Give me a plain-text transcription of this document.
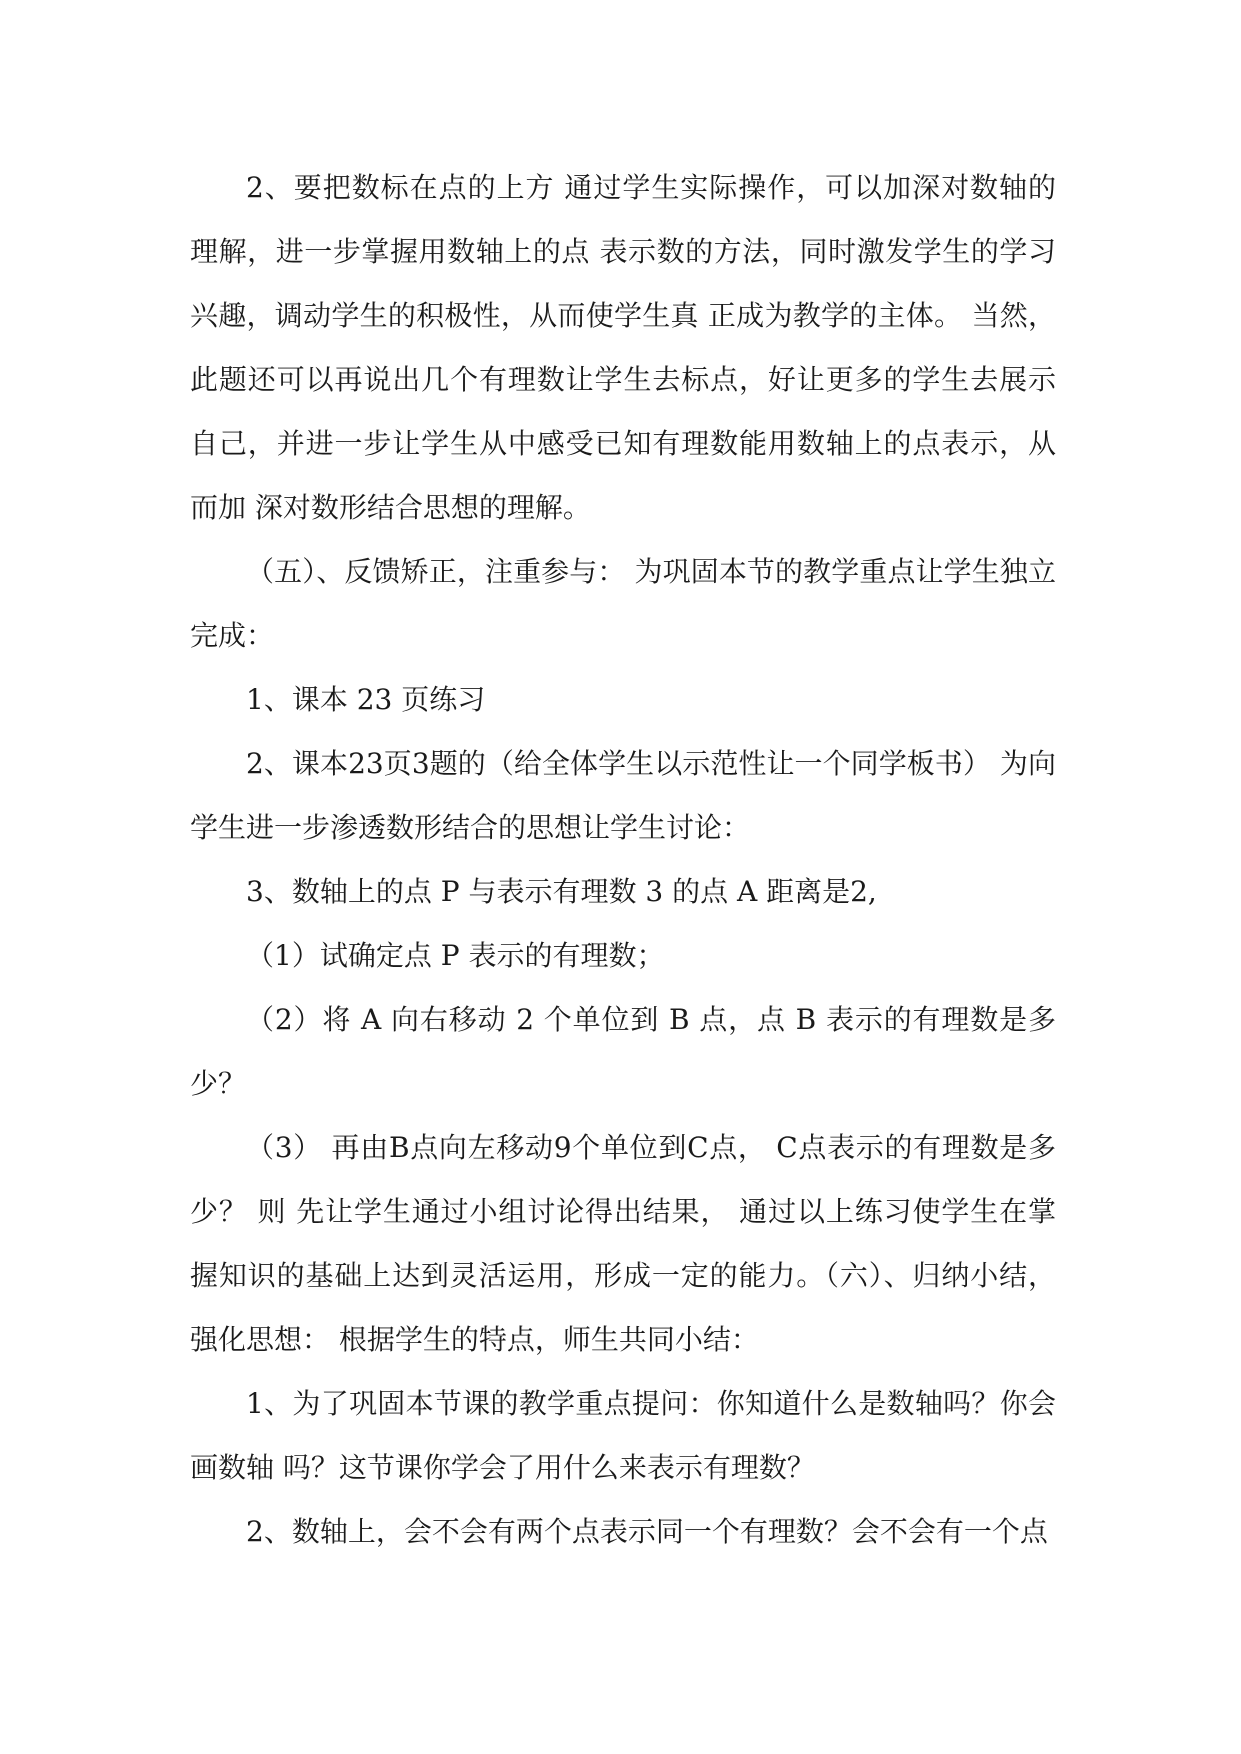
2、要把数标在点的上方 通过学生实际操作，可以加深对数轴的理解，进一步掌握用数轴上的点 表示数的方法，同时激发学生的学习兴趣，调动学生的积极性，从而使学生真 正成为教学的主体。 当然，此题还可以再说出几个有理数让学生去标点，好让更多的学生去展示自己，并进一步让学生从中感受已知有理数能用数轴上的点表示，从而加 深对数形结合思想的理解。

（五）、反馈矫正，注重参与： 为巩固本节的教学重点让学生独立完成：

1、课本 23 页练习

2、课本23页3题的（给全体学生以示范性让一个同学板书） 为向学生进一步渗透数形结合的思想让学生讨论：

3、数轴上的点 P 与表示有理数 3 的点 A 距离是2,

（1）试确定点 P 表示的有理数；

（2）将 A 向右移动 2 个单位到 B 点，点 B 表示的有理数是多少？

（3） 再由B点向左移动9个单位到C点， C点表示的有理数是多少？ 则 先让学生通过小组讨论得出结果， 通过以上练习使学生在掌握知识的基础上达到灵活运用，形成一定的能力。（六）、归纳小结，强化思想： 根据学生的特点，师生共同小结：

1、为了巩固本节课的教学重点提问：你知道什么是数轴吗？你会画数轴 吗？这节课你学会了用什么来表示有理数？

2、数轴上，会不会有两个点表示同一个有理数？会不会有一个点
